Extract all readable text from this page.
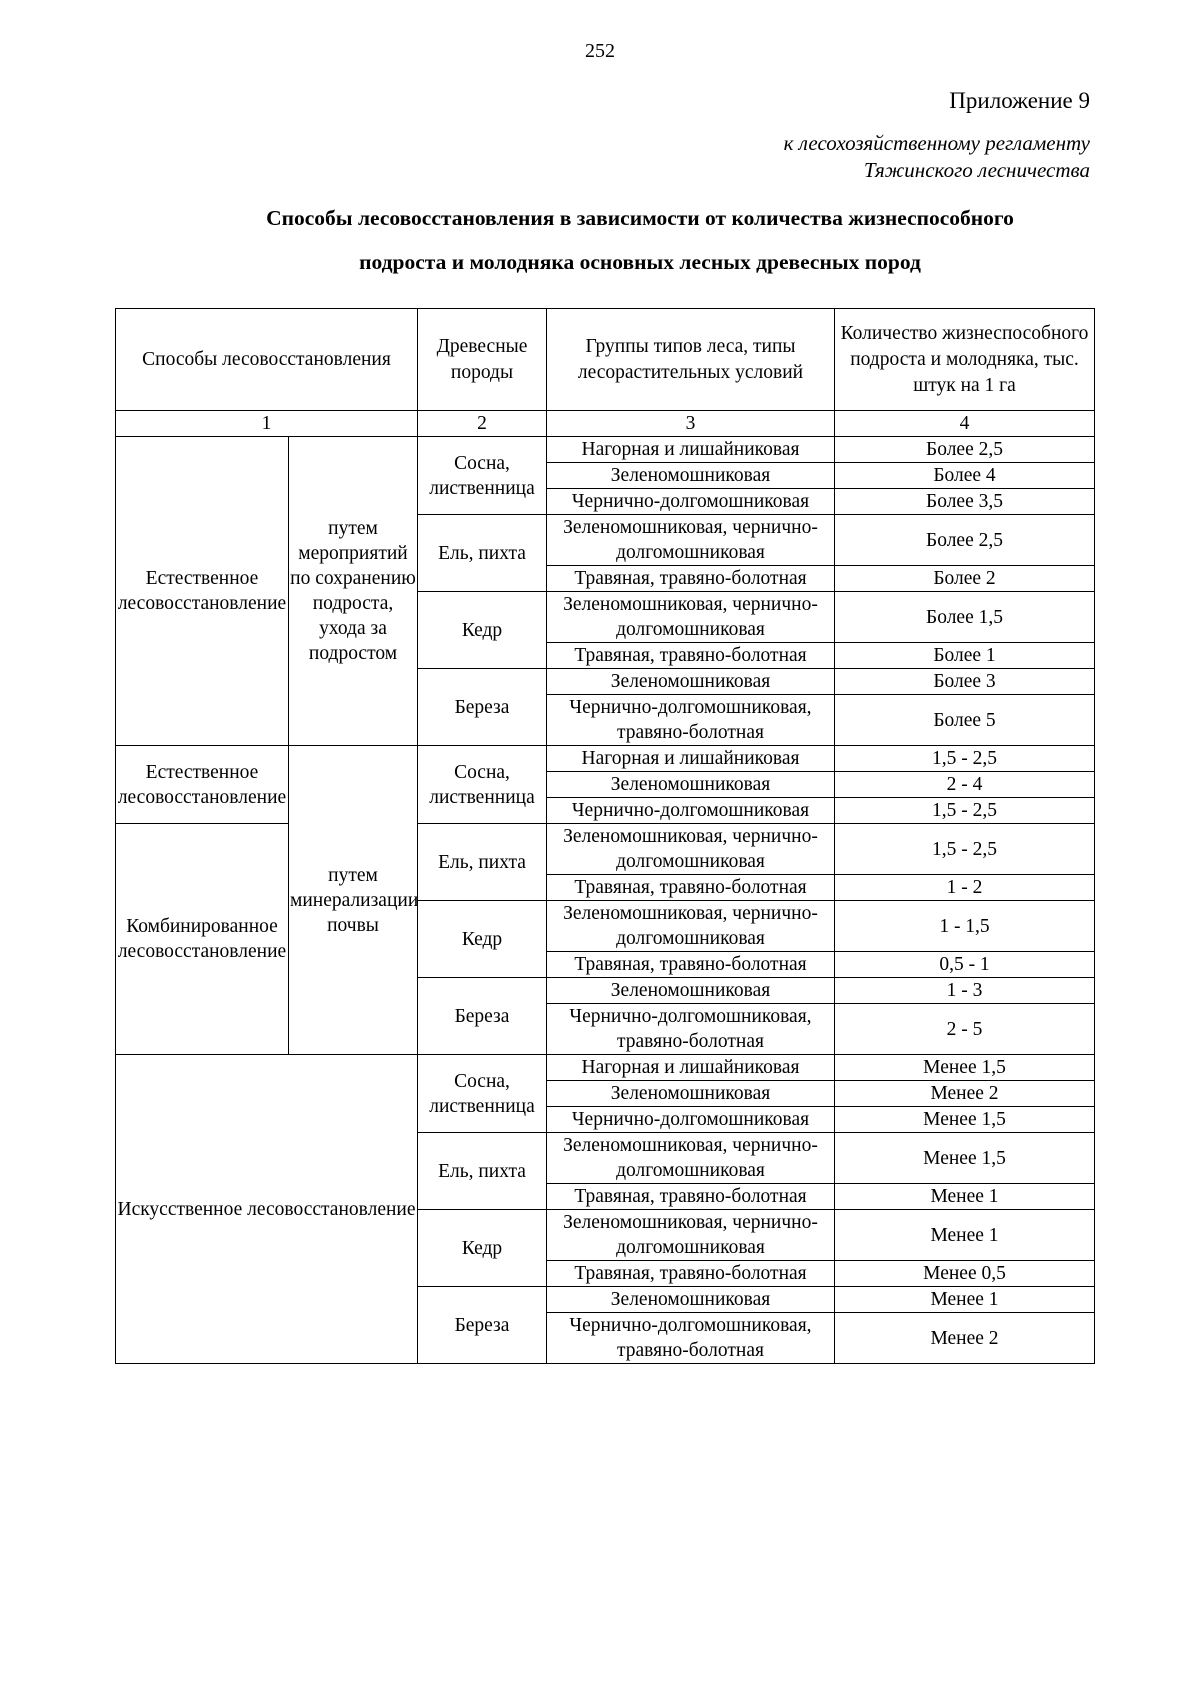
252
Приложение 9
к лесохозяйственному регламенту
Тяжинского лесничества
Способы лесовосстановления в зависимости от количества жизнеспособного
подроста и молодняка основных лесных древесных пород
Способы лесовосстановления		Древесные породы	Группы типов леса, типы лесорастительных условий	Количество жизнеспособного подроста и молодняка, тыс. штук на 1 га
1		2	3	4
Естественное лесовосстановление	путем мероприятий по сохранению подроста, ухода за подростом	Сосна, лиственница	Нагорная и лишайниковая	Более 2,5
			Зеленомошниковая	Более 4
			Чернично-долгомошниковая	Более 3,5
		Ель, пихта	Зеленомошниковая, чернично-долгомошниковая	Более 2,5

			Травяная, травяно-болотная	Более 2
		Кедр	Зеленомошниковая, чернично-долгомошниковая	Более 1,5

			Травяная, травяно-болотная	Более 1
		Береза	Зеленомошниковая	Более 3
			Чернично-долгомошниковая, травяно-болотная	Более 5

Естественное лесовосстановление	путем минерализации почвы	Сосна, лиственница	Нагорная и лишайниковая	1,5 - 2,5
			Зеленомошниковая	2 - 4
			Чернично-долгомошниковая	1,5 - 2,5
Комбинированное лесовосстановление		Ель, пихта	Зеленомошниковая, чернично-долгомошниковая	1,5 - 2,5

			Травяная, травяно-болотная	1 - 2
		Кедр	Зеленомошниковая, чернично-долгомошниковая	1 - 1,5

			Травяная, травяно-болотная	0,5 - 1
		Береза	Зеленомошниковая	1 - 3
			Чернично-долгомошниковая, травяно-болотная	2 - 5

Искусственное лесовосстановление		Сосна, лиственница	Нагорная и лишайниковая	Менее 1,5
			Зеленомошниковая	Менее 2
			Чернично-долгомошниковая	Менее 1,5
		Ель, пихта	Зеленомошниковая, чернично-долгомошниковая	Менее 1,5

			Травяная, травяно-болотная	Менее 1
		Кедр	Зеленомошниковая, чернично-долгомошниковая	Менее 1

			Травяная, травяно-болотная	Менее 0,5
		Береза	Зеленомошниковая	Менее 1
			Чернично-долгомошниковая, травяно-болотная	Менее 2
